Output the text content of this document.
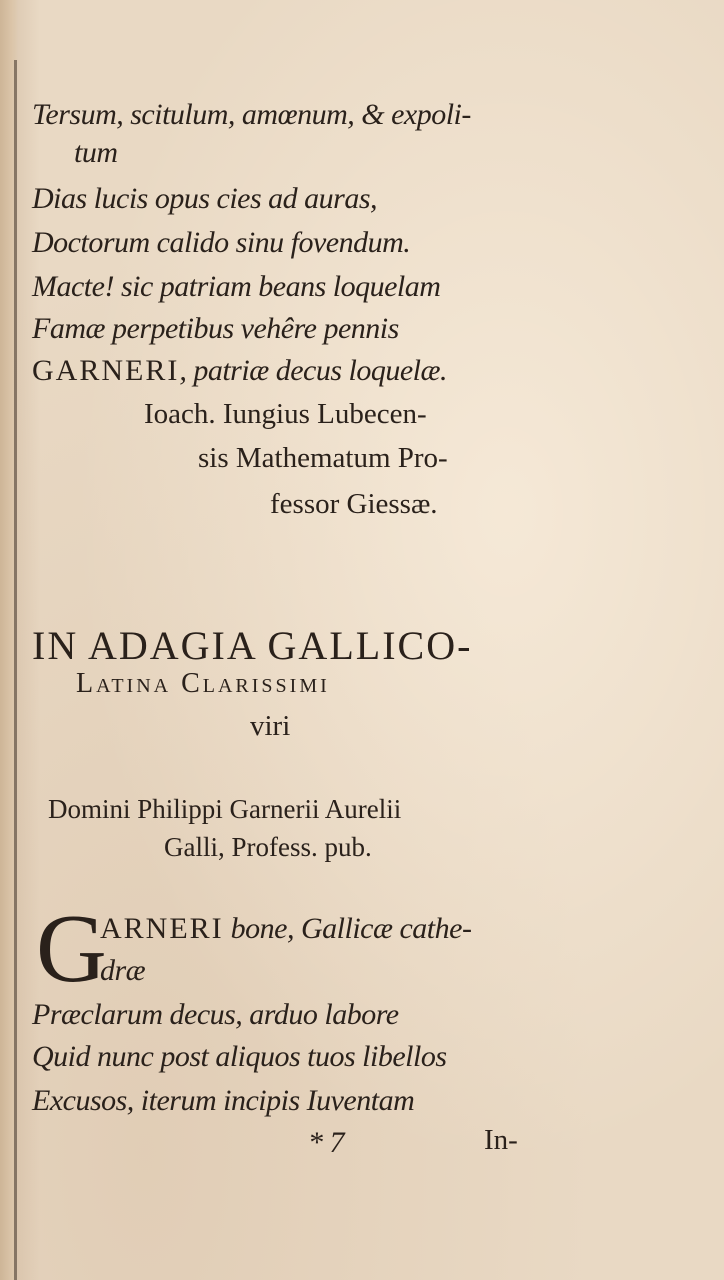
Tersum, scitulum, amœnum, & expoli-
tum
Dias lucis opus cies ad auras,
Doctorum calido sinu fovendum.
Macte! sic patriam beans loquelam
Famæ perpetibus vehêre pennis
GARNERI, patriæ decus loquelæ.
Ioach. Iungius Lubecen-
sis Mathematum Pro-
fessor Giessæ.
IN ADAGIA GALLICO-
Latina Clarissimi
viri
Domini Philippi Garnerii Aurelii
Galli, Profess. pub.
G
ARNERI bone, Gallicæ cathe-
dræ
Præclarum decus, arduo labore
Quid nunc post aliquos tuos libellos
Excusos, iterum incipis Iuventam
* 7	In-
